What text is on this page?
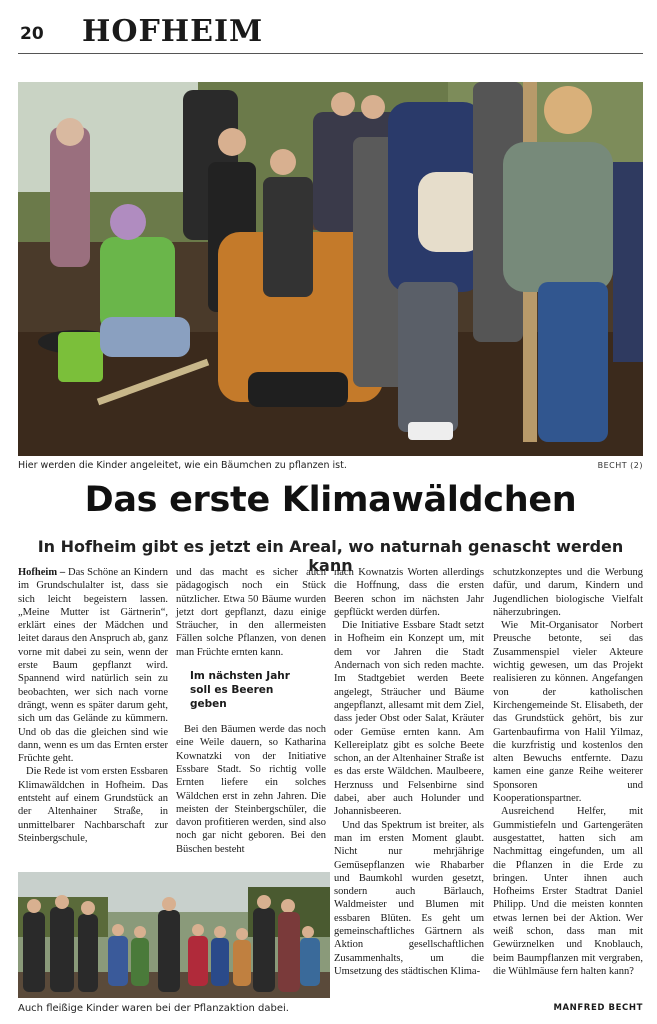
20 HOFHEIM
Hier werden die Kinder angeleitet, wie ein Bäumchen zu pflanzen ist.	BECHT (2)
Das erste Klimawäldchen
In Hofheim gibt es jetzt ein Areal, wo naturnah genascht werden kann

Hofheim – Das Schöne an Kindern im Grundschulalter ist, dass sie sich leicht begeistern lassen. „Meine Mutter ist Gärtnerin“, erklärt eines der Mädchen und leitet daraus den Anspruch ab, ganz vorne mit dabei zu sein, wenn der erste Baum gepflanzt wird. Spannend wird natürlich sein zu beobachten, wer sich nach vorne drängt, wenn es später darum geht, sich um das Gelände zu kümmern. Und ob das die gleichen sind wie dann, wenn es um das Ernten erster Früchte geht.

Die Rede ist vom ersten Essbaren Klimawäldchen in Hofheim. Das entsteht auf einem Grundstück an der Altenhainer Straße, in unmittelbarer Nachbarschaft zur Steinbergschule,

und das macht es sicher auch pädagogisch noch ein Stück nützlicher. Etwa 50 Bäume wurden jetzt dort gepflanzt, dazu einige Sträucher, in den allermeisten Fällen solche Pflanzen, von denen man Früchte ernten kann.

Im nächsten Jahr soll es Beeren geben

Bei den Bäumen werde das noch eine Weile dauern, so Katharina Kownatzki von der Initiative Essbare Stadt. So richtig volle Ernten liefere ein solches Wäldchen erst in zehn Jahren. Die meisten der Steinbergschüler, die davon profitieren werden, sind also noch gar nicht geboren. Bei den Büschen besteht

nach Kownatzis Worten allerdings die Hoffnung, dass die ersten Beeren schon im nächsten Jahr gepflückt werden dürfen.

Die Initiative Essbare Stadt setzt in Hofheim ein Konzept um, mit dem vor Jahren die Stadt Andernach von sich reden machte. Im Stadtgebiet werden Beete angelegt, Sträucher und Bäume angepflanzt, allesamt mit dem Ziel, dass jeder Obst oder Salat, Kräuter oder Gemüse ernten kann. Am Kellereiplatz gibt es solche Beete schon, an der Altenhainer Straße ist es das erste Wäldchen. Maulbeere, Herznuss und Felsenbirne sind dabei, aber auch Holunder und Johannisbeeren.

Und das Spektrum ist breiter, als man im ersten Moment glaubt. Nicht nur mehrjährige Gemüsepflanzen wie Rhabarber und Baumkohl wurden gesetzt, sondern auch Bärlauch, Waldmeister und Blumen mit essbaren Blüten. Es geht um gemeinschaftliches Gärtnern als Aktion gesellschaftlichen Zusammenhalts, um die Umsetzung des städtischen Klima-

schutzkonzeptes und die Werbung dafür, und darum, Kindern und Jugendlichen biologische Vielfalt näherzubringen.

Wie Mit-Organisator Norbert Preusche betonte, sei das Zusammenspiel vieler Akteure wichtig gewesen, um das Projekt realisieren zu können. Angefangen von der katholischen Kirchengemeinde St. Elisabeth, der das Grundstück gehört, bis zur Gartenbaufirma von Halil Yilmaz, die kurzfristig und kostenlos den alten Bewuchs entfernte. Dazu kamen eine ganze Reihe weiterer Sponsoren und Kooperationspartner.

Ausreichend Helfer, mit Gummistiefeln und Gartengeräten ausgestattet, hatten sich am Nachmittag eingefunden, um all die Pflanzen in die Erde zu bringen. Unter ihnen auch Hofheims Erster Stadtrat Daniel Philipp. Und die meisten konnten etwas lernen bei der Aktion. Wer weiß schon, dass man mit Gewürznelken und Knoblauch, beim Baumpflanzen mit vergraben, die Wühlmäuse fern halten kann?

Auch fleißige Kinder waren bei der Pflanzaktion dabei.	MANFRED BECHT
